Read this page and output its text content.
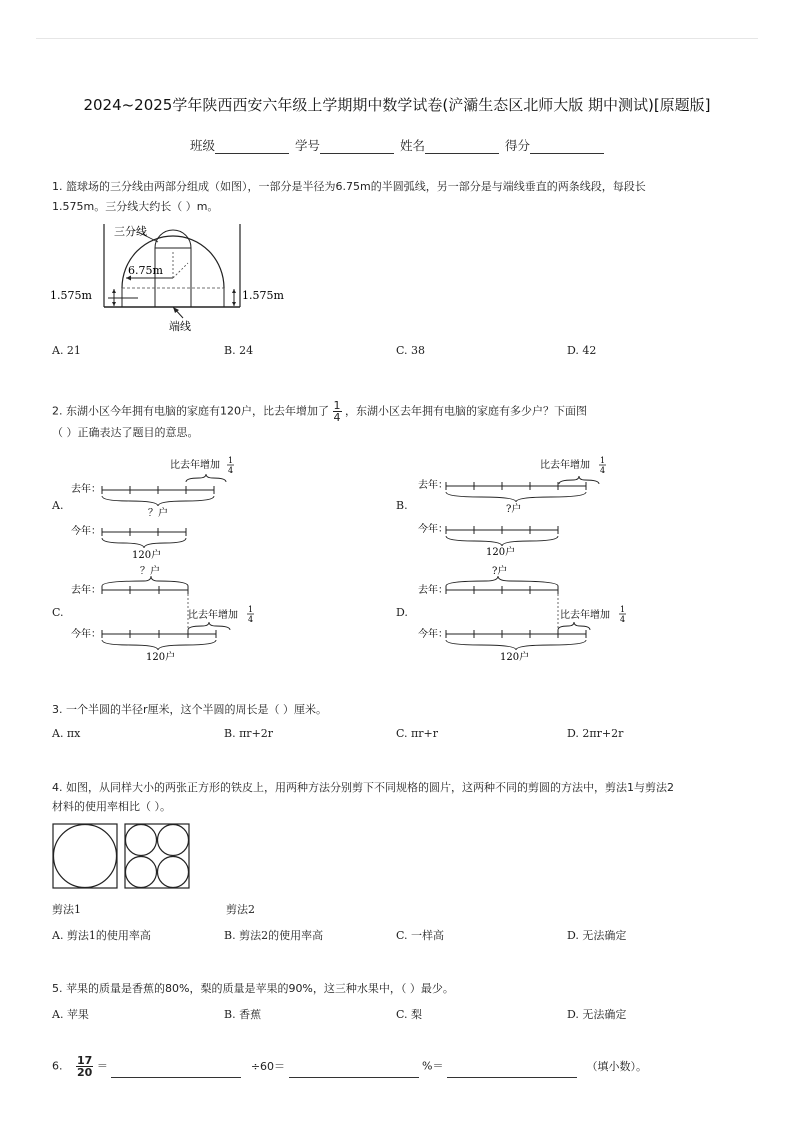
2024~2025学年陕西西安六年级上学期期中数学试卷(浐灞生态区北师大版 期中测试)[原题版]
班级	学号	姓名	得分
1. 篮球场的三分线由两部分组成（如图），一部分是半径为6.75m的半圆弧线，另一部分是与端线垂直的两条线段，每段长
1.575m。三分线大约长（ ）m。
三分线
6.75m
1.575m	1.575m
端线
A. 21	B. 24	C. 38	D. 42
2. 东湖小区今年拥有电脑的家庭有120户，比去年增加了 $\frac{1}{4}$ ，东湖小区去年拥有电脑的家庭有多少户？下面图
（ ）正确表达了题目的意思。
A.
比去年增加 1
4
去年：
？户
今年：
120户
B.
比去年增加 1
4
去年：
?户
今年：
120户
C.
？户
去年：
比去年增加
1
4
今年：
120户
D.
?户
去年：
比去年增加
1
4
今年：
120户
3. 一个半圆的半径r厘米，这个半圆的周长是（ ）厘米。
A. πx	B. πr+2r	C. πr+r	D. 2πr+2r
4. 如图，从同样大小的两张正方形的铁皮上，用两种方法分别剪下不同规格的圆片，这两种不同的剪圆的方法中，剪法1与剪法2
材料的使用率相比（ ）。
剪法1	剪法2
A. 剪法1的使用率高	B. 剪法2的使用率高	C. 一样高	D. 无法确定
5. 苹果的质量是香蕉的80%，梨的质量是苹果的90%，这三种水果中，（ ）最少。
A. 苹果	B. 香蕉	C. 梨	D. 无法确定
6. $\frac{17}{20}$ ＝	÷60＝	%＝	（填小数）。
